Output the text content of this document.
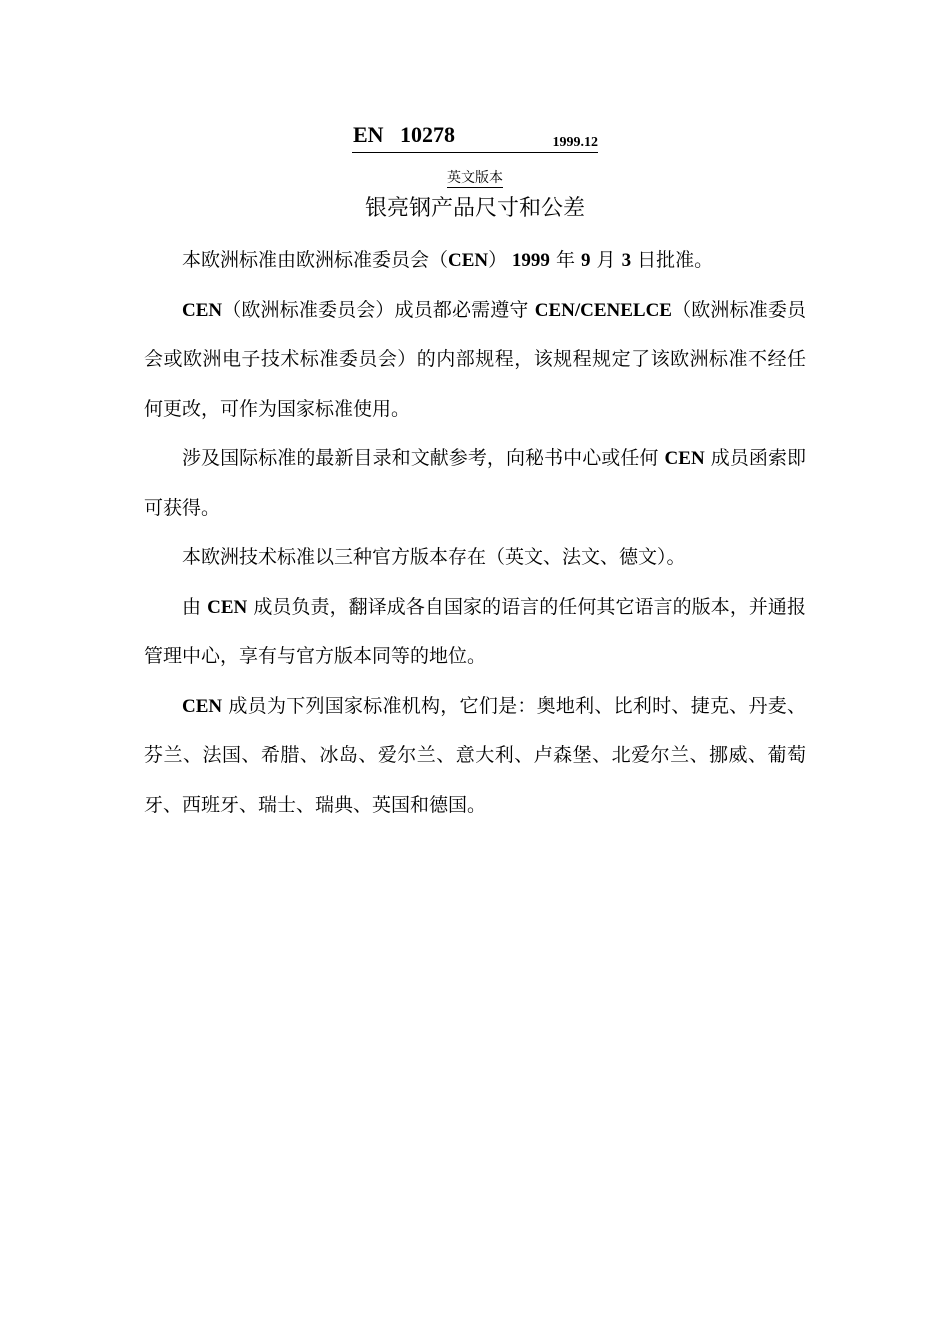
EN   10278	1999.12
英文版本
银亮钢产品尺寸和公差

本欧洲标准由欧洲标准委员会（CEN） 1999 年 9 月 3 日批准。

CEN（欧洲标准委员会）成员都必需遵守 CEN/CENELCE（欧洲标准委员会或欧洲电子技术标准委员会）的内部规程，该规程规定了该欧洲标准不经任何更改，可作为国家标准使用。

涉及国际标准的最新目录和文献参考，向秘书中心或任何 CEN 成员函索即可获得。

本欧洲技术标准以三种官方版本存在（英文、法文、德文）。

由 CEN 成员负责，翻译成各自国家的语言的任何其它语言的版本，并通报管理中心，享有与官方版本同等的地位。

CEN 成员为下列国家标准机构，它们是：奥地利、比利时、捷克、丹麦、芬兰、法国、希腊、冰岛、爱尔兰、意大利、卢森堡、北爱尔兰、挪威、葡萄牙、西班牙、瑞士、瑞典、英国和德国。
